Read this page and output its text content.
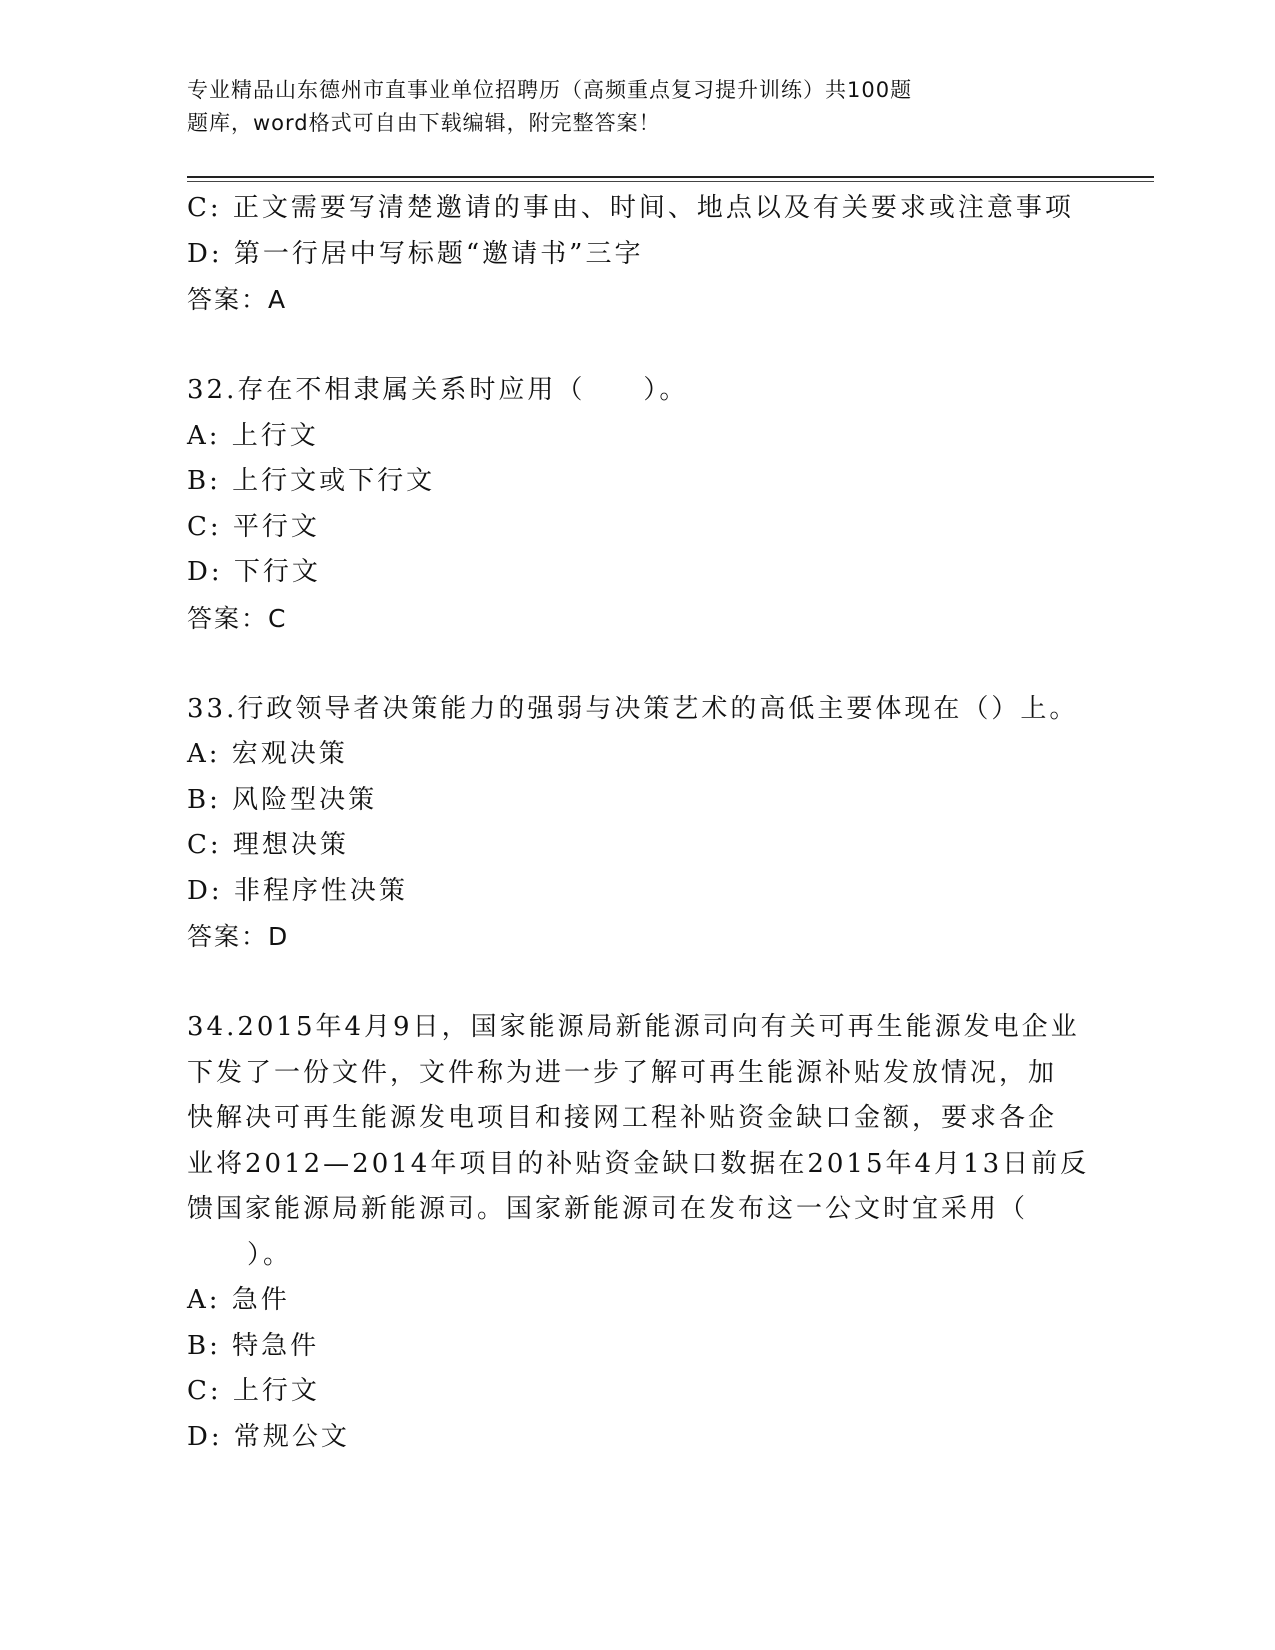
专业精品山东德州市直事业单位招聘历（高频重点复习提升训练）共100题
题库，word格式可自由下载编辑，附完整答案！
C: 正文需要写清楚邀请的事由、时间、地点以及有关要求或注意事项
D: 第一行居中写标题“邀请书”三字
答案：A
32.存在不相隶属关系时应用（　　）。
A: 上行文
B: 上行文或下行文
C: 平行文
D: 下行文
答案：C
33.行政领导者决策能力的强弱与决策艺术的高低主要体现在（）上。
A: 宏观决策
B: 风险型决策
C: 理想决策
D: 非程序性决策
答案：D
34.2015年4月9日，国家能源局新能源司向有关可再生能源发电企业
下发了一份文件，文件称为进一步了解可再生能源补贴发放情况，加
快解决可再生能源发电项目和接网工程补贴资金缺口金额，要求各企
业将2012—2014年项目的补贴资金缺口数据在2015年4月13日前反
馈国家能源局新能源司。国家新能源司在发布这一公文时宜采用（
）。
A: 急件
B: 特急件
C: 上行文
D: 常规公文
